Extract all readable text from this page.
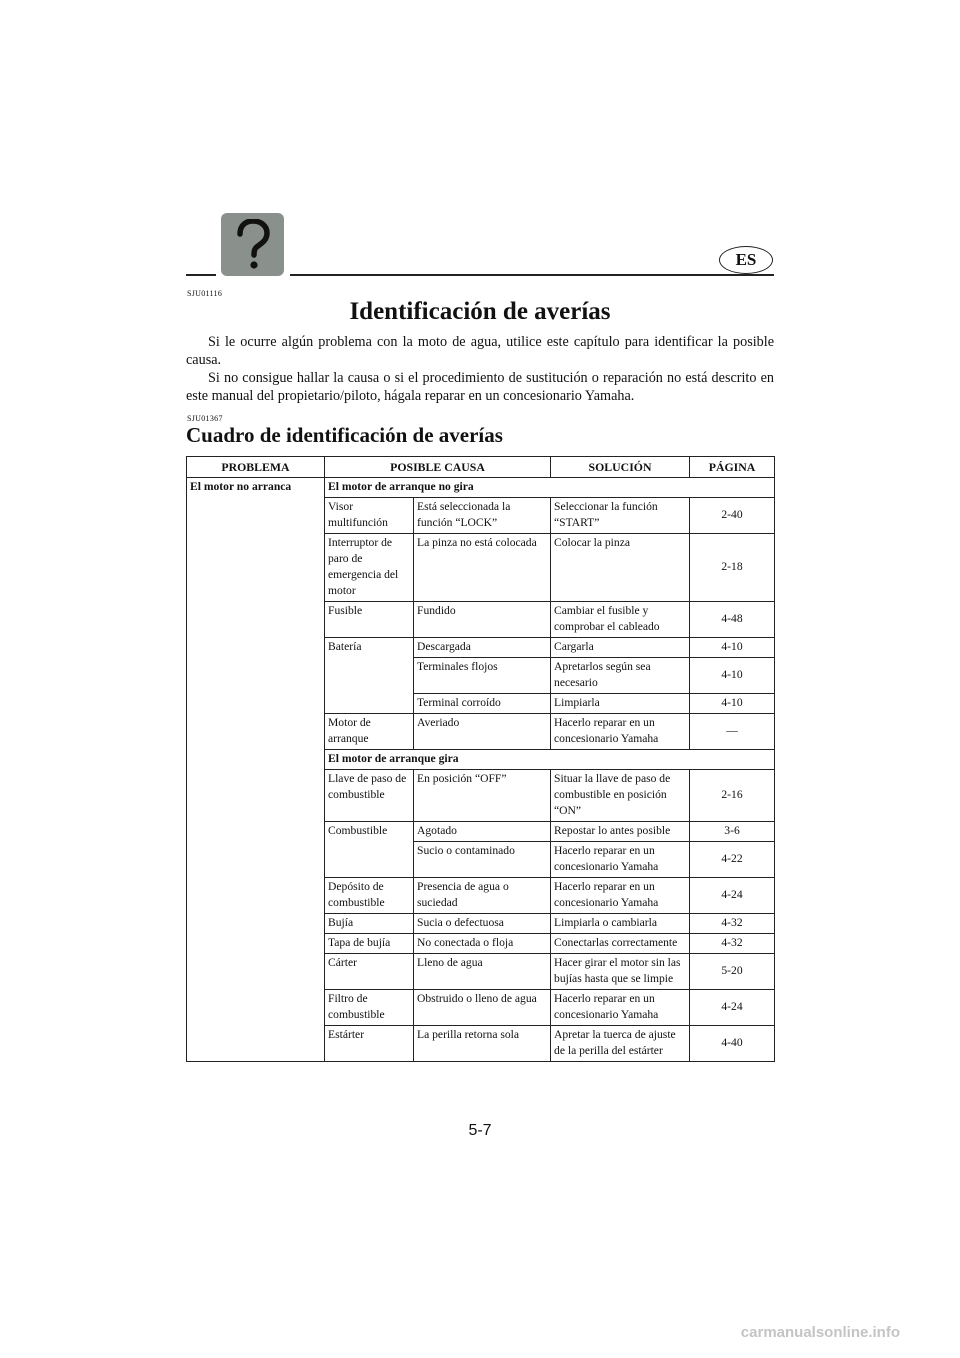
ES
SJU01116
Identificación de averías

Si le ocurre algún problema con la moto de agua, utilice este capítulo para identificar la posible causa.

Si no consigue hallar la causa o si el procedimiento de sustitución o reparación no está descrito en este manual del propietario/piloto, hágala reparar en un concesionario Yamaha.

SJU01367
Cuadro de identificación de averías
PROBLEMA	POSIBLE CAUSA		SOLUCIÓN	PÁGINA
El motor no arranca	El motor de arranque no gira			
	Visor multifunción	Está seleccionada la función “LOCK”	Seleccionar la función “START”	2-40
	Interruptor de paro de emergencia del motor	La pinza no está colocada	Colocar la pinza	2-18
	Fusible	Fundido	Cambiar el fusible y comprobar el cableado	4-48
	Batería	Descargada	Cargarla	4-10
		Terminales flojos	Apretarlos según sea necesario	4-10
		Terminal corroído	Limpiarla	4-10
	Motor de arranque	Averiado	Hacerlo reparar en un concesionario Yamaha	—
	El motor de arranque gira			
	Llave de paso de combustible	En posición “OFF”	Situar la llave de paso de combustible en posición “ON”	2-16
	Combustible	Agotado	Repostar lo antes posible	3-6
		Sucio o contaminado	Hacerlo reparar en un concesionario Yamaha	4-22
	Depósito de combustible	Presencia de agua o suciedad	Hacerlo reparar en un concesionario Yamaha	4-24
	Bujía	Sucia o defectuosa	Limpiarla o cambiarla	4-32
	Tapa de bujía	No conectada o floja	Conectarlas correctamente	4-32
	Cárter	Lleno de agua	Hacer girar el motor sin las bujías hasta que se limpie	5-20
	Filtro de combustible	Obstruido o lleno de agua	Hacerlo reparar en un concesionario Yamaha	4-24
	Estárter	La perilla retorna sola	Apretar la tuerca de ajuste de la perilla del estárter	4-40
5-7
carmanualsonline.info
